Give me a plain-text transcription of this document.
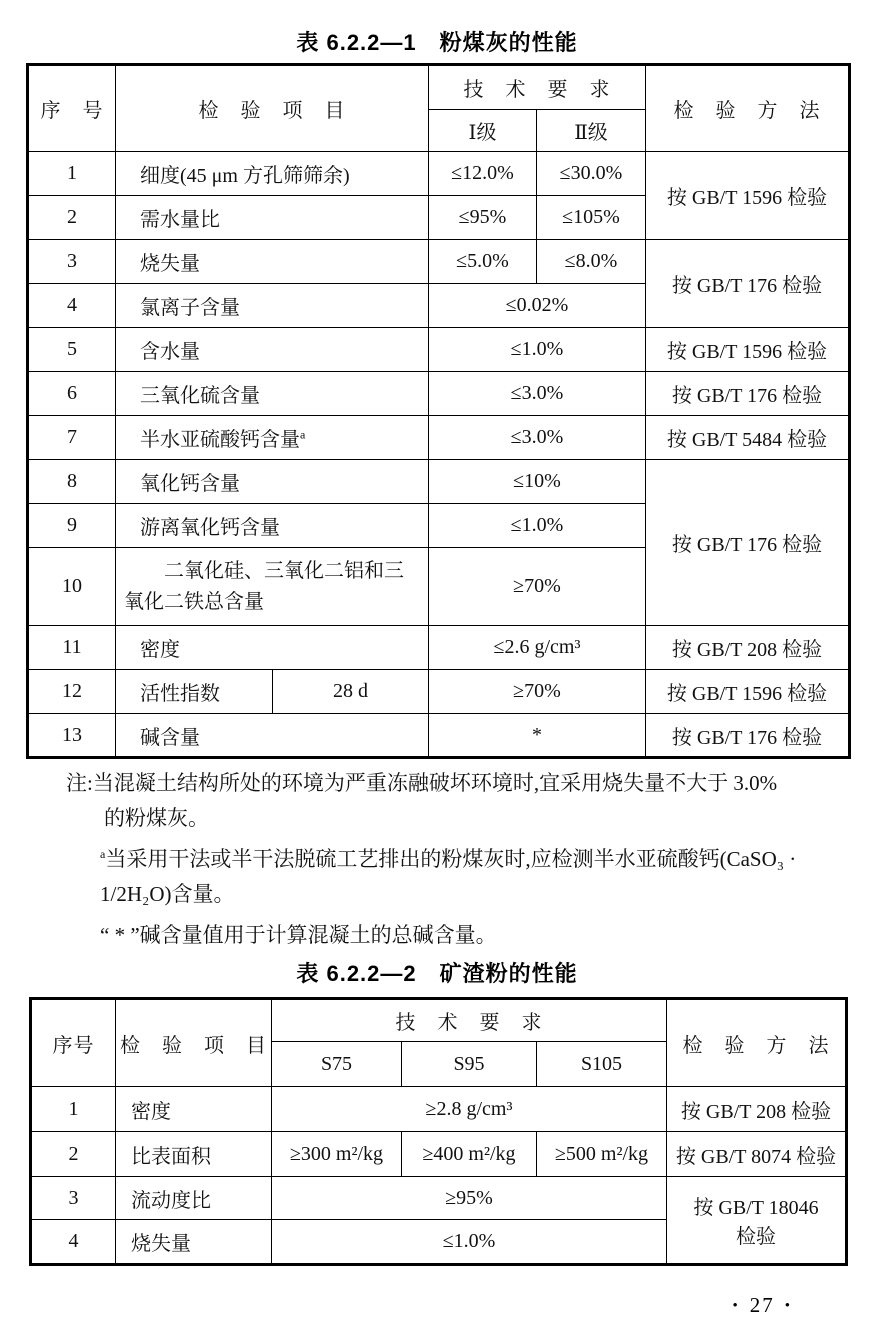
表 6.2.2—1　粉煤灰的性能
序　号	检　验　项　目		技　术　要　求		检　验　方　法
			Ⅰ级	Ⅱ级	
1	细度(45 μm 方孔筛筛余)		≤12.0%	≤30.0%	按 GB/T 1596 检验
2	需水量比		≤95%	≤105%	
3	烧失量		≤5.0%	≤8.0%	按 GB/T 176 检验
4	氯离子含量		≤0.02%		
5	含水量		≤1.0%		按 GB/T 1596 检验
6	三氧化硫含量		≤3.0%		按 GB/T 176 检验
7	半水亚硫酸钙含量$^a$		≤3.0%		按 GB/T 5484 检验
8	氧化钙含量		≤10%		按 GB/T 176 检验
9	游离氧化钙含量		≤1.0%		
10	二氧化硅、三氧化二铝和三氧化二铁总含量		≥70%		
11	密度		≤2.6 g/cm³		按 GB/T 208 检验
12	活性指数	28 d	≥70%		按 GB/T 1596 检验
13	碱含量		*		按 GB/T 176 检验

注:当混凝土结构所处的环境为严重冻融破坏环境时,宜采用烧失量不大于 3.0%
的粉煤灰。

$^a$当采用干法或半干法脱硫工艺排出的粉煤灰时,应检测半水亚硫酸钙(CaSO₃ ·
1/2H₂O)含量。

“ * ”碱含量值用于计算混凝土的总碱含量。

表 6.2.2—2　矿渣粉的性能
序号	检　验　项　目	技　术　要　求			检　验　方　法
		S75	S95	S105	
1	密度	≥2.8 g/cm³			按 GB/T 208 检验
2	比表面积	≥300 m²/kg	≥400 m²/kg	≥500 m²/kg	按 GB/T 8074 检验
3	流动度比	≥95%			按 GB/T 18046
检验

4	烧失量	≤1.0%			
• 27 •
